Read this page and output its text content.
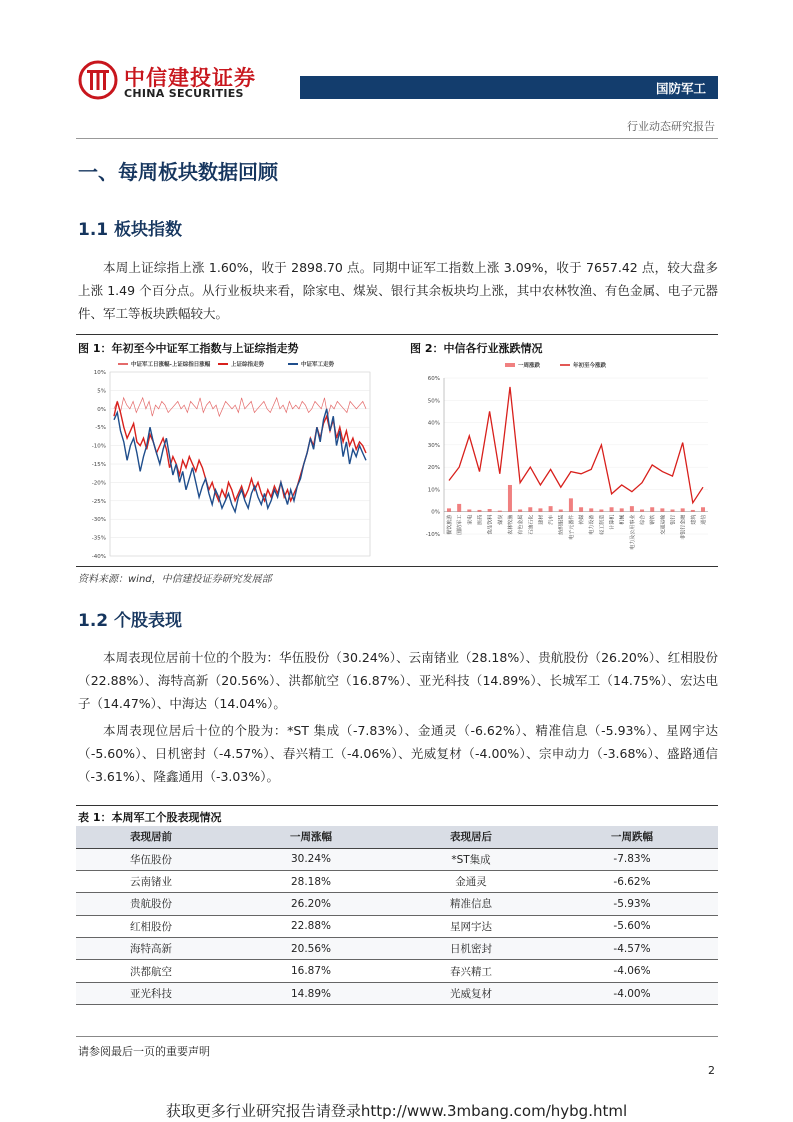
中信建投证券
CHINA SECURITIES	国防军工
行业动态研究报告
一、每周板块数据回顾
1.1 板块指数
本周上证综指上涨 1.60%，收于 2898.70 点。同期中证军工指数上涨 3.09%，收于 7657.42 点，较大盘多上涨 1.49 个百分点。从行业板块来看，除家电、煤炭、银行其余板块均上涨，其中农林牧渔、有色金属、电子元器件、军工等板块跌幅较大。
图 1：年初至今中证军工指数与上证综指走势	图 2：中信各行业涨跌情况
中证军工日涨幅-上证综指日涨幅	上证综指走势	中证军工走势
10%
5%
0%
-5%
-10%
-15%
-20%
-25%
-30%
-35%
-40%
一周涨跌	年初至今涨跌
60%
50%
40%
30%
20%
10%
0%
-10%
餐饮旅游 国防军工 家电 医药 食品饮料 煤炭 农林牧渔 有色金属 石油石化 建材 汽车 纺织服装 电子元器件 传媒 电力设备 轻工制造 计算机 机械 电力及公用事业 综合 钢铁 交通运输 银行 非银行金融 建筑 通信
资料来源：wind，中信建投证券研究发展部
1.2 个股表现
本周表现位居前十位的个股为：华伍股份（30.24%）、云南锗业（28.18%）、贵航股份（26.20%）、红相股份（22.88%）、海特高新（20.56%）、洪都航空（16.87%）、亚光科技（14.89%）、长城军工（14.75%）、宏达电子（14.47%）、中海达（14.04%）。
本周表现位居后十位的个股为：*ST 集成（-7.83%）、金通灵（-6.62%）、精准信息（-5.93%）、星网宇达（-5.60%）、日机密封（-4.57%）、春兴精工（-4.06%）、光威复材（-4.00%）、宗申动力（-3.68%）、盛路通信（-3.61%）、隆鑫通用（-3.03%）。
表 1：本周军工个股表现情况
表现居前	一周涨幅	表现居后	一周跌幅
华伍股份	30.24%	*ST集成	-7.83%
云南锗业	28.18%	金通灵	-6.62%
贵航股份	26.20%	精准信息	-5.93%
红相股份	22.88%	星网宇达	-5.60%
海特高新	20.56%	日机密封	-4.57%
洪都航空	16.87%	春兴精工	-4.06%
亚光科技	14.89%	光威复材	-4.00%
请参阅最后一页的重要声明
2
获取更多行业研究报告请登录http://www.3mbang.com/hybg.html
